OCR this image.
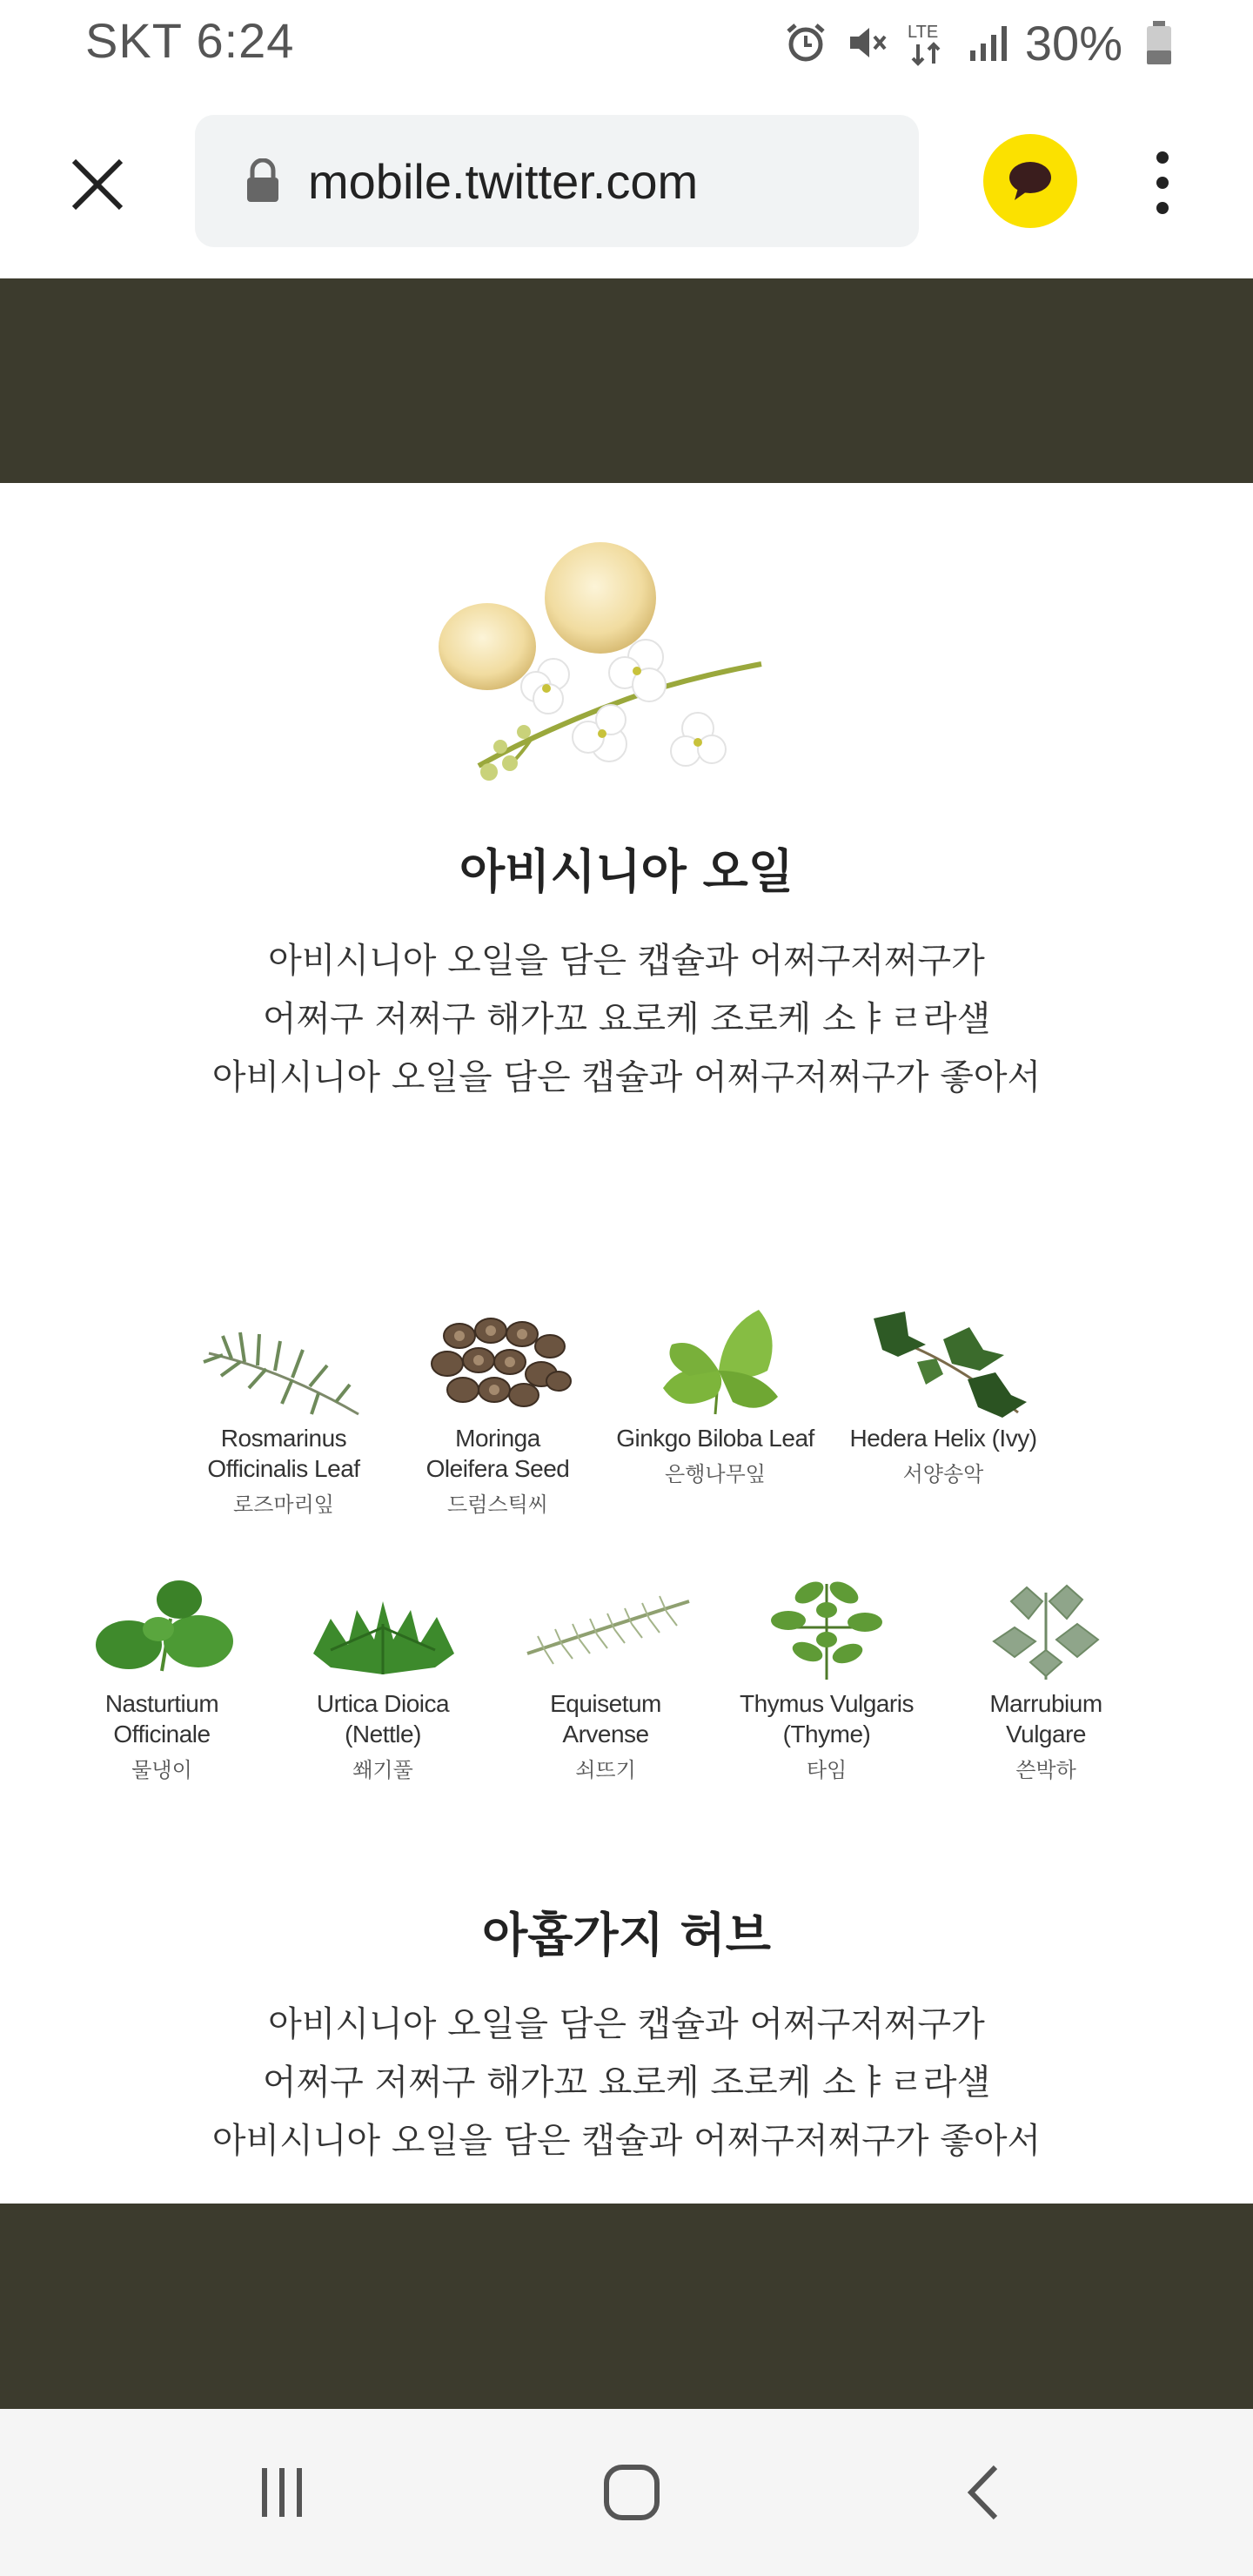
SKT 6:24	LTE 30%
mobile.twitter.com
아비시니아 오일
아비시니아 오일을 담은 캡슐과 어쩌구저쩌구가
어쩌구 저쩌구 해가꼬 요로케 조로케 소ㅑㄹ라섈
아비시니아 오일을 담은 캡슐과 어쩌구저쩌구가 좋아서
Rosmarinus
Officinalis Leaf
로즈마리잎
Moringa
Oleifera Seed
드럼스틱씨
Ginkgo Biloba Leaf
은행나무잎
Hedera Helix (Ivy)
서양송악
Nasturtium
Officinale
물냉이
Urtica Dioica
(Nettle)
쐐기풀
Equisetum
Arvense
쇠뜨기
Thymus Vulgaris
(Thyme)
타임
Marrubium
Vulgare
쓴박하
아홉가지 허브
아비시니아 오일을 담은 캡슐과 어쩌구저쩌구가
어쩌구 저쩌구 해가꼬 요로케 조로케 소ㅑㄹ라섈
아비시니아 오일을 담은 캡슐과 어쩌구저쩌구가 좋아서
